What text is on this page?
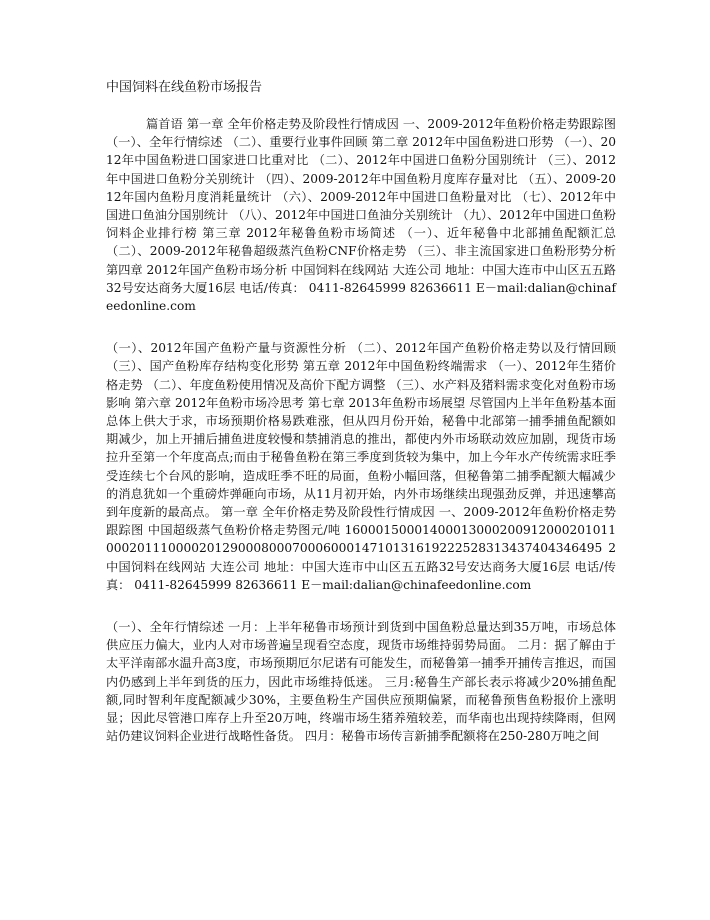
中国饲料在线鱼粉市场报告

篇首语 第一章 全年价格走势及阶段性行情成因 一、2009-2012年鱼粉价格走势跟踪图 （一）、全年行情综述 （二）、重要行业事件回顾 第二章 2012年中国鱼粉进口形势 （一）、2012年中国鱼粉进口国家进口比重对比 （二）、2012年中国进口鱼粉分国别统计 （三）、2012年中国进口鱼粉分关别统计 （四）、2009-2012年中国鱼粉月度库存量对比 （五）、2009-2012年国内鱼粉月度消耗量统计 （六）、2009-2012年中国进口鱼粉量对比 （七）、2012年中国进口鱼油分国别统计 （八）、2012年中国进口鱼油分关别统计 （九）、2012年中国进口鱼粉饲料企业排行榜 第三章 2012年秘鲁鱼粉市场简述 （一）、近年秘鲁中北部捕鱼配额汇总 （二）、2009-2012年秘鲁超级蒸汽鱼粉CNF价格走势 （三）、非主流国家进口鱼粉形势分析 第四章 2012年国产鱼粉市场分析 中国饲料在线网站 大连公司 地址：中国大连市中山区五五路32号安达商务大厦16层 电话/传真： 0411-82645999 82636611 E－mail:dalian@chinafeedonline.com

（一）、2012年国产鱼粉产量与资源性分析 （二）、2012年国产鱼粉价格走势以及行情回顾 （三）、国产鱼粉库存结构变化形势 第五章 2012年中国鱼粉终端需求 （一）、2012年生猪价格走势 （二）、年度鱼粉使用情况及高价下配方调整 （三）、水产料及猪料需求变化对鱼粉市场影响 第六章 2012年鱼粉市场冷思考 第七章 2013年鱼粉市场展望 尽管国内上半年鱼粉基本面总体上供大于求，市场预期价格易跌难涨，但从四月份开始，秘鲁中北部第一捕季捕鱼配额如期减少，加上开捕后捕鱼进度较慢和禁捕消息的推出，都使内外市场联动效应加剧，现货市场拉升至第一个年度高点;而由于秘鲁鱼粉在第三季度到货较为集中，加上今年水产传统需求旺季受连续七个台风的影响，造成旺季不旺的局面，鱼粉小幅回落，但秘鲁第二捕季配额大幅减少的消息犹如一个重磅炸弹砸向市场，从11月初开始，内外市场继续出现强劲反弹，并迅速攀高到年度新的最高点。 第一章 全年价格走势及阶段性行情成因 一、2009-2012年鱼粉价格走势跟踪图 中国超级蒸气鱼粉价格走势图元/吨 160001500014000130002009120002010110002011100002012900080007000600014710131619222528313437404346495 2 中国饲料在线网站 大连公司 地址：中国大连市中山区五五路32号安达商务大厦16层 电话/传真： 0411-82645999 82636611 E－mail:dalian@chinafeedonline.com

（一）、全年行情综述 一月：上半年秘鲁市场预计到货到中国鱼粉总量达到35万吨，市场总体供应压力偏大，业内人对市场普遍呈现看空态度，现货市场维持弱势局面。 二月：据了解由于太平洋南部水温升高3度，市场预期厄尔尼诺有可能发生，而秘鲁第一捕季开捕传言推迟，而国内仍感到上半年到货的压力，因此市场维持低迷。 三月:秘鲁生产部长表示将减少20%捕鱼配额,同时智利年度配额减少30%，主要鱼粉生产国供应预期偏紧，而秘鲁预售鱼粉报价上涨明显；因此尽管港口库存上升至20万吨，终端市场生猪养殖较差，而华南也出现持续降雨，但网站仍建议饲料企业进行战略性备货。 四月：秘鲁市场传言新捕季配额将在250-280万吨之间
